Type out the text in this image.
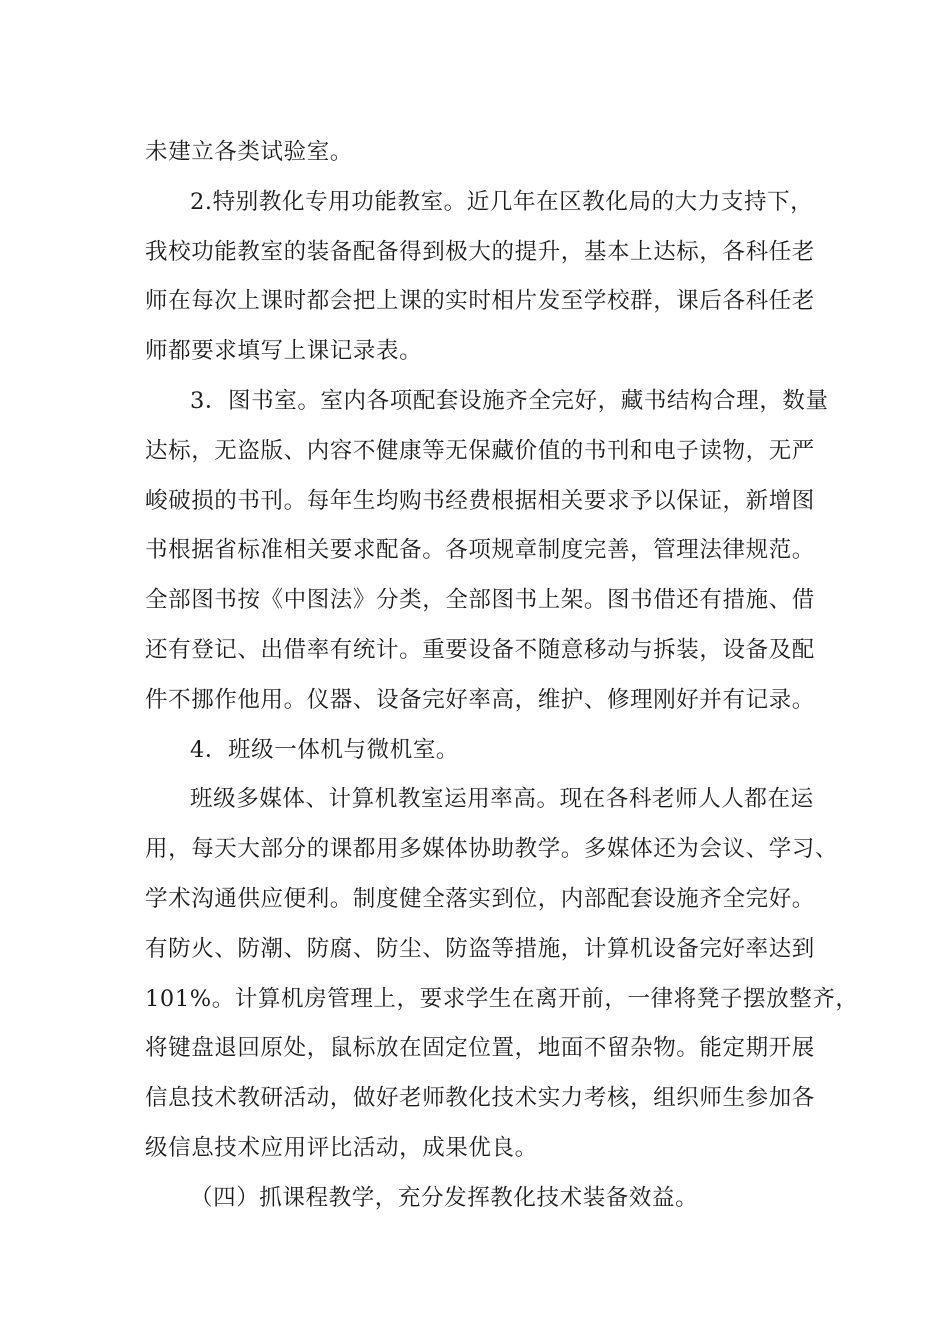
未建立各类试验室。
2.特别教化专用功能教室。近几年在区教化局的大力支持下，
我校功能教室的装备配备得到极大的提升，基本上达标，各科任老
师在每次上课时都会把上课的实时相片发至学校群，课后各科任老
师都要求填写上课记录表。
3．图书室。室内各项配套设施齐全完好，藏书结构合理，数量
达标，无盗版、内容不健康等无保藏价值的书刊和电子读物，无严
峻破损的书刊。每年生均购书经费根据相关要求予以保证，新增图
书根据省标准相关要求配备。各项规章制度完善，管理法律规范。
全部图书按《中图法》分类，全部图书上架。图书借还有措施、借
还有登记、出借率有统计。重要设备不随意移动与拆装，设备及配
件不挪作他用。仪器、设备完好率高，维护、修理刚好并有记录。
4．班级一体机与微机室。
班级多媒体、计算机教室运用率高。现在各科老师人人都在运
用，每天大部分的课都用多媒体协助教学。多媒体还为会议、学习、
学术沟通供应便利。制度健全落实到位，内部配套设施齐全完好。
有防火、防潮、防腐、防尘、防盗等措施，计算机设备完好率达到
101%。计算机房管理上，要求学生在离开前，一律将凳子摆放整齐，
将键盘退回原处，鼠标放在固定位置，地面不留杂物。能定期开展
信息技术教研活动，做好老师教化技术实力考核，组织师生参加各
级信息技术应用评比活动，成果优良。
（四）抓课程教学，充分发挥教化技术装备效益。
